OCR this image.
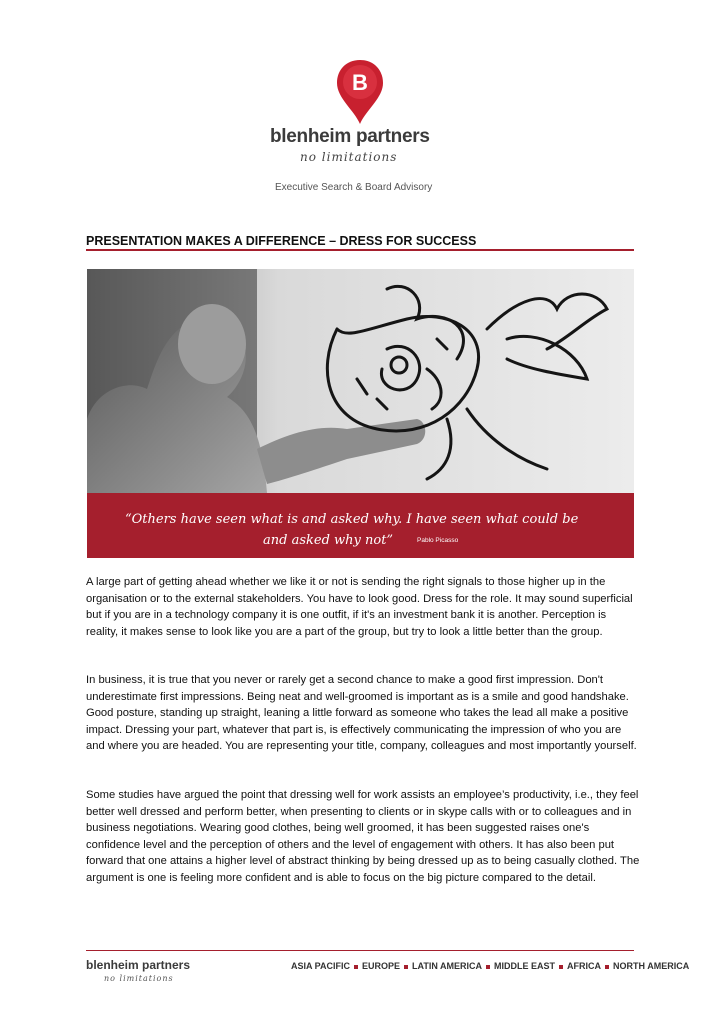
B
blenheim partners
no limitations
Executive Search & Board Advisory
PRESENTATION MAKES A DIFFERENCE – DRESS FOR SUCCESS
“Others have seen what is and asked why. I have seen what could be
and asked why not”	Pablo Picasso

A large part of getting ahead whether we like it or not is sending the right signals to those higher up in the organisation or to the external stakeholders. You have to look good. Dress for the role. It may sound superficial but if you are in a technology company it is one outfit, if it's an investment bank it is another. Perception is reality, it makes sense to look like you are a part of the group, but try to look a little better than the group.

In business, it is true that you never or rarely get a second chance to make a good first impression. Don't underestimate first impressions. Being neat and well-groomed is important as is a smile and good handshake. Good posture, standing up straight, leaning a little forward as someone who takes the lead all make a positive impact. Dressing your part, whatever that part is, is effectively communicating the impression of who you are and where you are headed. You are representing your title, company, colleagues and most importantly yourself.

Some studies have argued the point that dressing well for work assists an employee’s productivity, i.e., they feel better well dressed and perform better, when presenting to clients or in skype calls with or to colleagues and in business negotiations. Wearing good clothes, being well groomed, it has been suggested raises one's confidence level and the perception of others and the level of engagement with others. It has also been put forward that one attains a higher level of abstract thinking by being dressed up as to being casually clothed. The argument is one is feeling more confident and is able to focus on the big picture compared to the detail.

blenheim partners
no limitations
ASIA PACIFIC EUROPE LATIN AMERICA MIDDLE EAST AFRICA NORTH AMERICA
